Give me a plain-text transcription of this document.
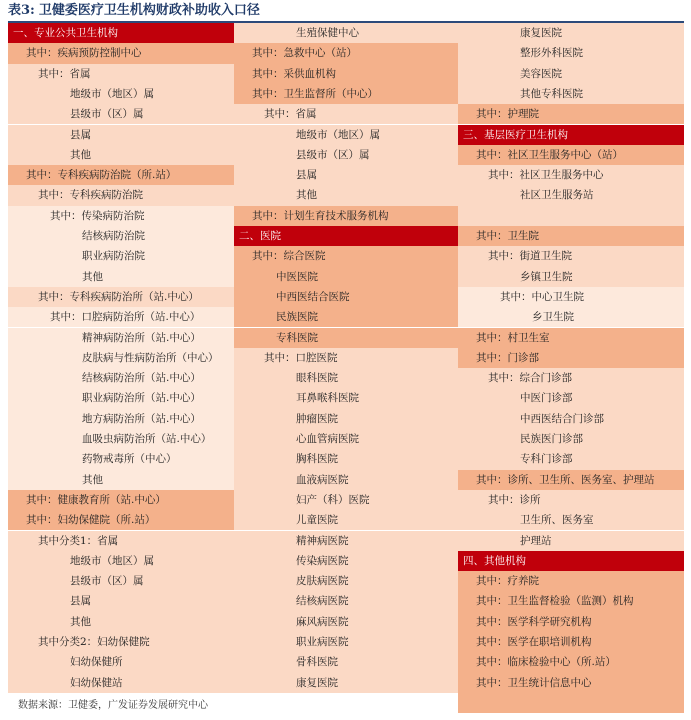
表3: 卫健委医疗卫生机构财政补助收入口径
一、专业公共卫生机构
其中：疾病预防控制中心
其中：省属
地级市（地区）属
县级市（区）属
县属
其他
其中：专科疾病防治院（所.站）
其中：专科疾病防治院
其中：传染病防治院
结核病防治院
职业病防治院
其他
其中：专科疾病防治所（站.中心）
其中：口腔病防治所（站.中心）
精神病防治所（站.中心）
皮肤病与性病防治所（中心）
结核病防治所（站.中心）
职业病防治所（站.中心）
地方病防治所（站.中心）
血吸虫病防治所（站.中心）
药物戒毒所（中心）
其他
其中：健康教育所（站.中心）
其中：妇幼保健院（所.站）
其中分类1：省属
地级市（地区）属
县级市（区）属
县属
其他
其中分类2：妇幼保健院
妇幼保健所
妇幼保健站
生殖保健中心
其中：急救中心（站）
其中：采供血机构
其中：卫生监督所（中心）
其中：省属
地级市（地区）属
县级市（区）属
县属
其他
其中：计划生育技术服务机构
二、医院
其中：综合医院
中医医院
中西医结合医院
民族医院
专科医院
其中：口腔医院
眼科医院
耳鼻喉科医院
肿瘤医院
心血管病医院
胸科医院
血液病医院
妇产（科）医院
儿童医院
精神病医院
传染病医院
皮肤病医院
结核病医院
麻风病医院
职业病医院
骨科医院
康复医院
康复医院
整形外科医院
美容医院
其他专科医院
其中：护理院
三、基层医疗卫生机构
其中：社区卫生服务中心（站）
其中：社区卫生服务中心
社区卫生服务站
其中：卫生院
其中：街道卫生院
乡镇卫生院
其中：中心卫生院
乡卫生院
其中：村卫生室
其中：门诊部
其中：综合门诊部
中医门诊部
中西医结合门诊部
民族医门诊部
专科门诊部
其中：诊所、卫生所、医务室、护理站
其中：诊所
卫生所、医务室
护理站
四、其他机构
其中：疗养院
其中：卫生监督检验（监测）机构
其中：医学科学研究机构
其中：医学在职培训机构
其中：临床检验中心（所.站）
其中：卫生统计信息中心
数据来源：卫健委，广发证券发展研究中心
